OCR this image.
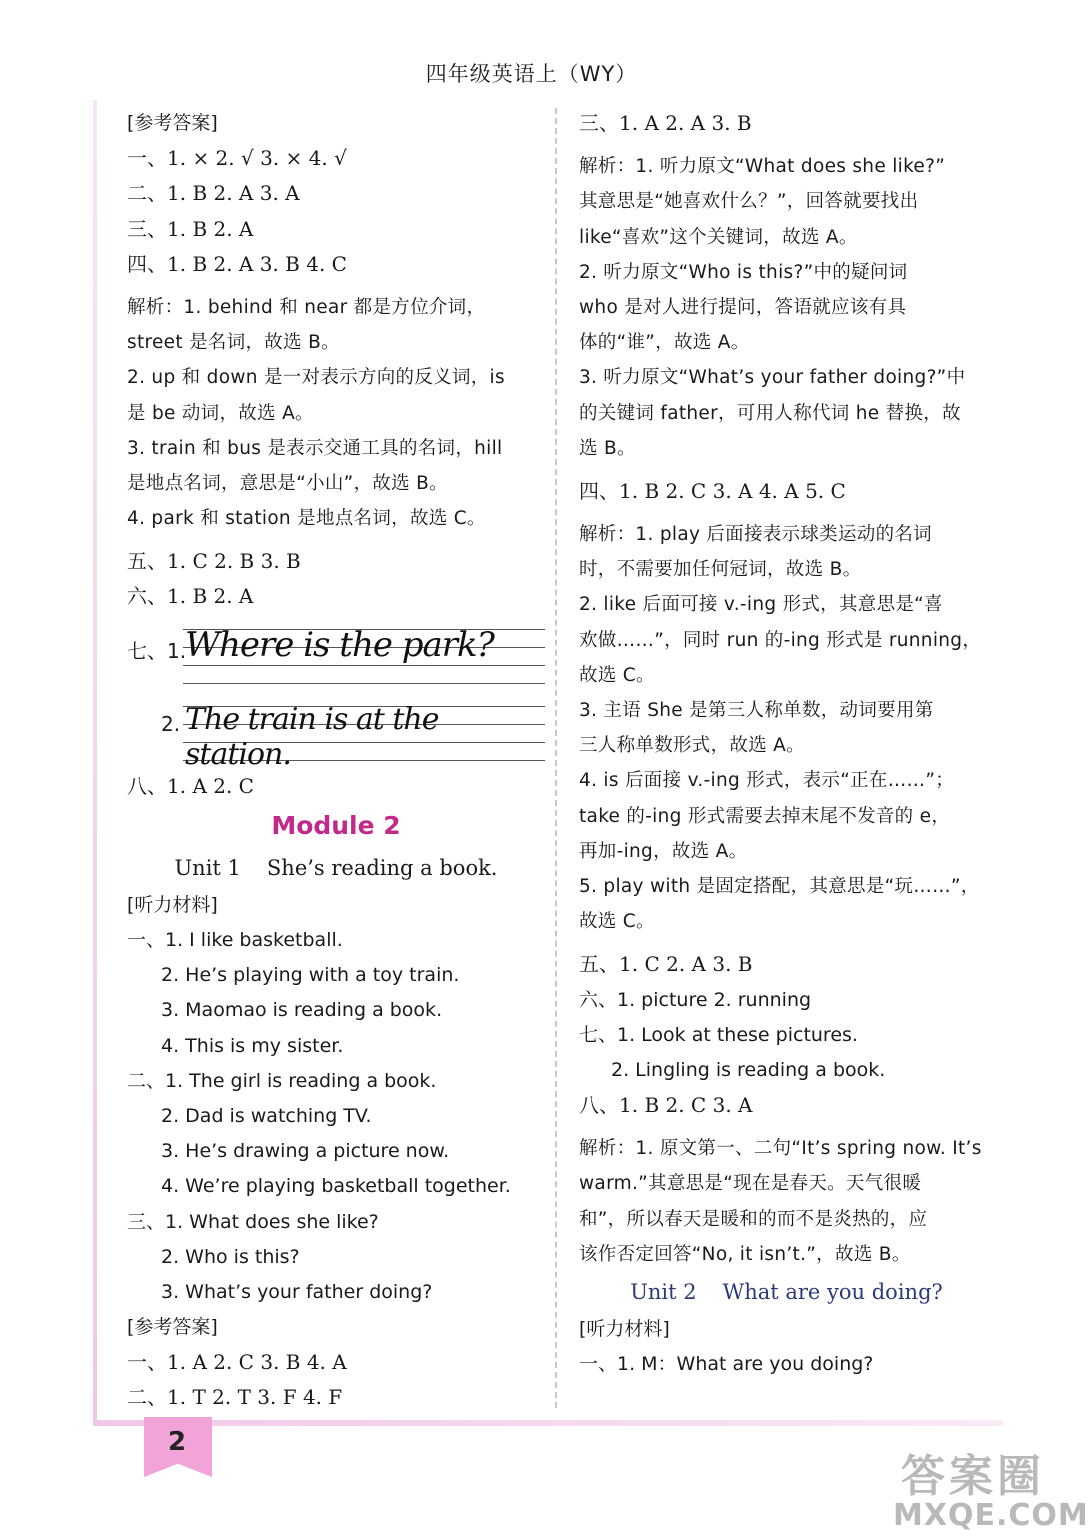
四年级英语上（WY）
[参考答案]
一、1. × 2. √ 3. × 4. √
二、1. B 2. A 3. A
三、1. B 2. A
四、1. B 2. A 3. B 4. C
解析：1. behind 和 near 都是方位介词，
street 是名词，故选 B。
2. up 和 down 是一对表示方向的反义词，is
是 be 动词，故选 A。
3. train 和 bus 是表示交通工具的名词，hill
是地点名词，意思是“小山”，故选 B。
4. park 和 station 是地点名词，故选 C。
五、1. C 2. B 3. B
六、1. B 2. A
七、1.
Where is the park?
2. The train is at the station.
八、1. A 2. C
Module 2
Unit 1 She’s reading a book.
[听力材料]
一、1. I like basketball.
2. He’s playing with a toy train.
3. Maomao is reading a book.
4. This is my sister.
二、1. The girl is reading a book.
2. Dad is watching TV.
3. He’s drawing a picture now.
4. We’re playing basketball together.
三、1. What does she like?
2. Who is this?
3. What’s your father doing?
[参考答案]
一、1. A 2. C 3. B 4. A
二、1. T 2. T 3. F 4. F
三、1. A 2. A 3. B
解析：1. 听力原文“What does she like?”
其意思是“她喜欢什么？”，回答就要找出
like“喜欢”这个关键词，故选 A。
2. 听力原文“Who is this?”中的疑问词
who 是对人进行提问，答语就应该有具
体的“谁”，故选 A。
3. 听力原文“What’s your father doing?”中
的关键词 father，可用人称代词 he 替换，故
选 B。
四、1. B 2. C 3. A 4. A 5. C
解析：1. play 后面接表示球类运动的名词
时，不需要加任何冠词，故选 B。
2. like 后面可接 v.-ing 形式，其意思是“喜
欢做……”，同时 run 的-ing 形式是 running，
故选 C。
3. 主语 She 是第三人称单数，动词要用第
三人称单数形式，故选 A。
4. is 后面接 v.-ing 形式，表示“正在……”；
take 的-ing 形式需要去掉末尾不发音的 e，
再加-ing，故选 A。
5. play with 是固定搭配，其意思是“玩……”，
故选 C。
五、1. C 2. A 3. B
六、1. picture 2. running
七、1. Look at these pictures.
2. Lingling is reading a book.
八、1. B 2. C 3. A
解析：1. 原文第一、二句“It’s spring now. It’s
warm.”其意思是“现在是春天。天气很暖
和”，所以春天是暖和的而不是炎热的，应
该作否定回答“No, it isn’t.”，故选 B。
Unit 2 What are you doing?
[听力材料]
一、1. M：What are you doing?
2
答案圈
MXQE.COM
